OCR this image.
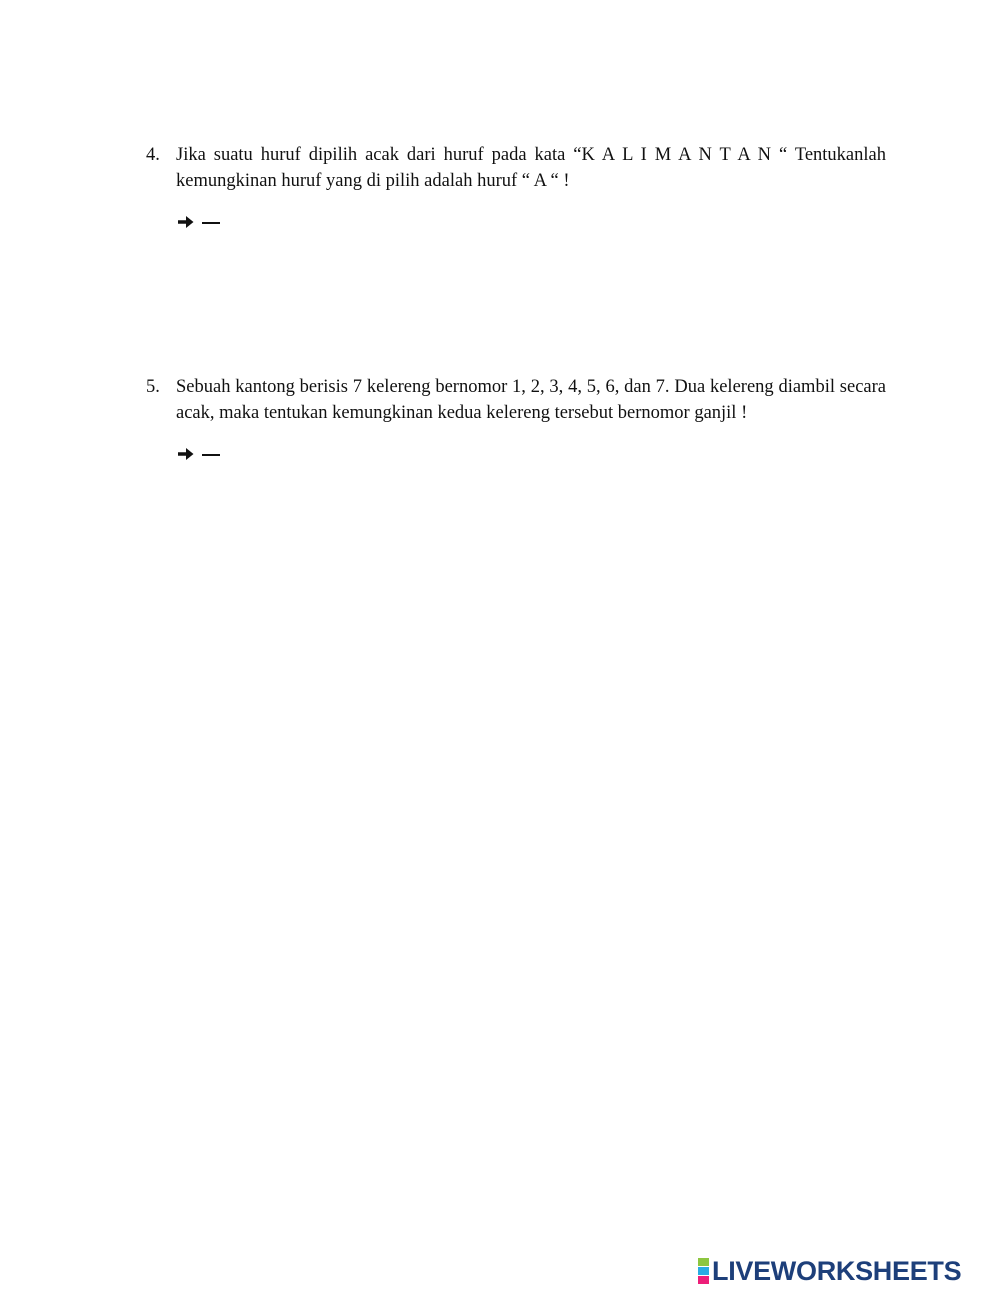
4. Jika suatu huruf dipilih acak dari huruf pada kata “K A L I M A N T A N “ Tentukanlah kemungkinan huruf yang di pilih adalah huruf “ A “ !
5. Sebuah kantong berisis 7 kelereng bernomor 1, 2, 3, 4, 5, 6, dan 7. Dua kelereng diambil secara acak, maka tentukan kemungkinan kedua kelereng tersebut bernomor ganjil !
LIVEWORKSHEETS
